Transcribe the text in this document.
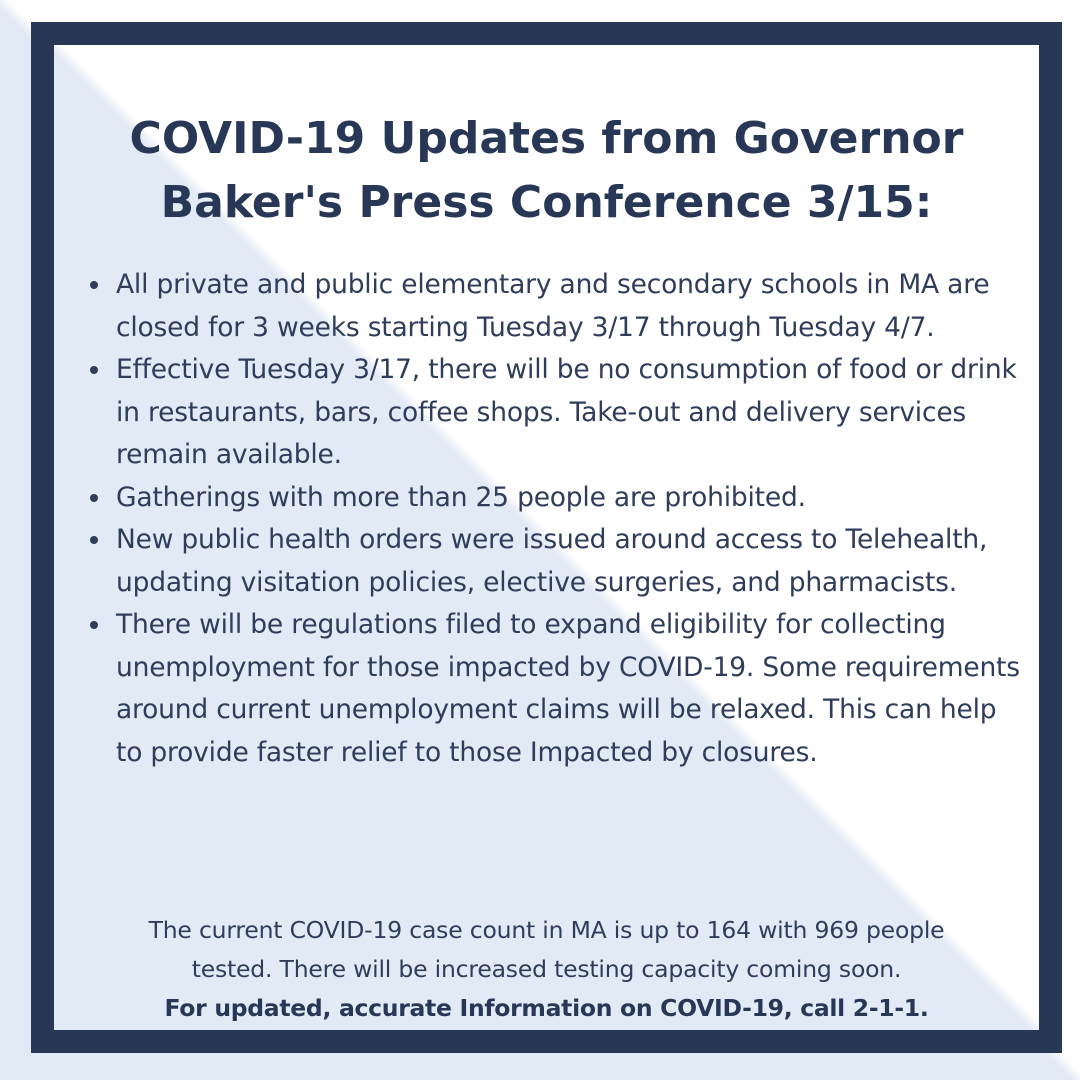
COVID-19 Updates from Governor
Baker's Press Conference 3/15:
All private and public elementary and secondary schools in MA are closed for 3 weeks starting Tuesday 3/17 through Tuesday 4/7.
Effective Tuesday 3/17, there will be no consumption of food or drink in restaurants, bars, coffee shops. Take-out and delivery services remain available.
Gatherings with more than 25 people are prohibited.
New public health orders were issued around access to Telehealth, updating visitation policies, elective surgeries, and pharmacists.
There will be regulations filed to expand eligibility for collecting unemployment for those impacted by COVID-19. Some requirements around current unemployment claims will be relaxed. This can help to provide faster relief to those Impacted by closures.
The current COVID-19 case count in MA is up to 164 with 969 people
tested. There will be increased testing capacity coming soon.
For updated, accurate Information on COVID-19, call 2-1-1.
